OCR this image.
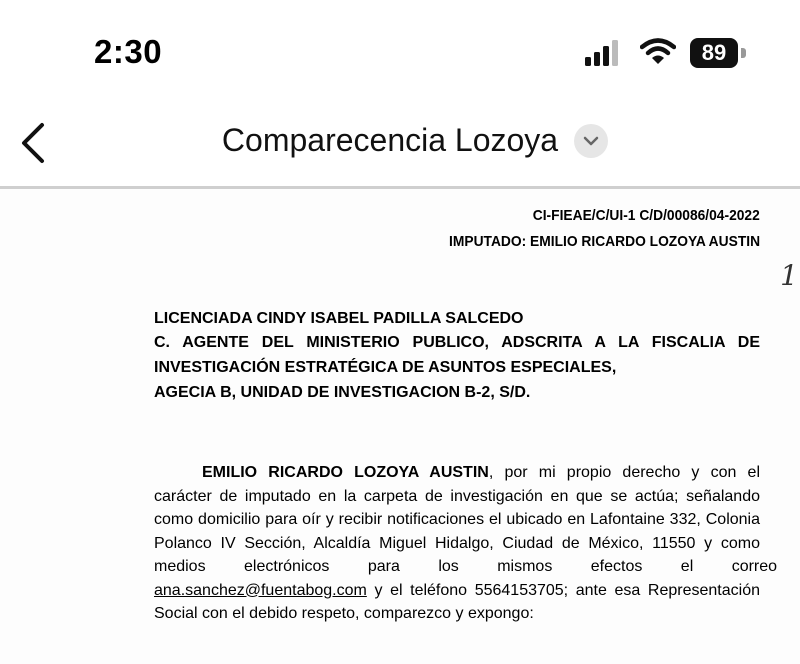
2:30	89
Comparecencia Lozoya
CI-FIEAE/C/UI-1 C/D/00086/04-2022
IMPUTADO: EMILIO RICARDO LOZOYA AUSTIN
1
LICENCIADA CINDY ISABEL PADILLA SALCEDO
C. AGENTE DEL MINISTERIO PUBLICO, ADSCRITA A LA FISCALIA DE
INVESTIGACIÓN ESTRATÉGICA DE ASUNTOS ESPECIALES,
AGECIA B, UNIDAD DE INVESTIGACION B-2, S/D.
EMILIO RICARDO LOZOYA AUSTIN, por mi propio derecho y con el
carácter de imputado en la carpeta de investigación en que se actúa; señalando
como domicilio para oír y recibir notificaciones el ubicado en Lafontaine 332, Colonia
Polanco IV Sección, Alcaldía Miguel Hidalgo, Ciudad de México, 11550 y como
medios electrónicos para los mismos efectos el correo
ana.sanchez@fuentabog.com y el teléfono 5564153705; ante esa Representación
Social con el debido respeto, comparezco y expongo:
